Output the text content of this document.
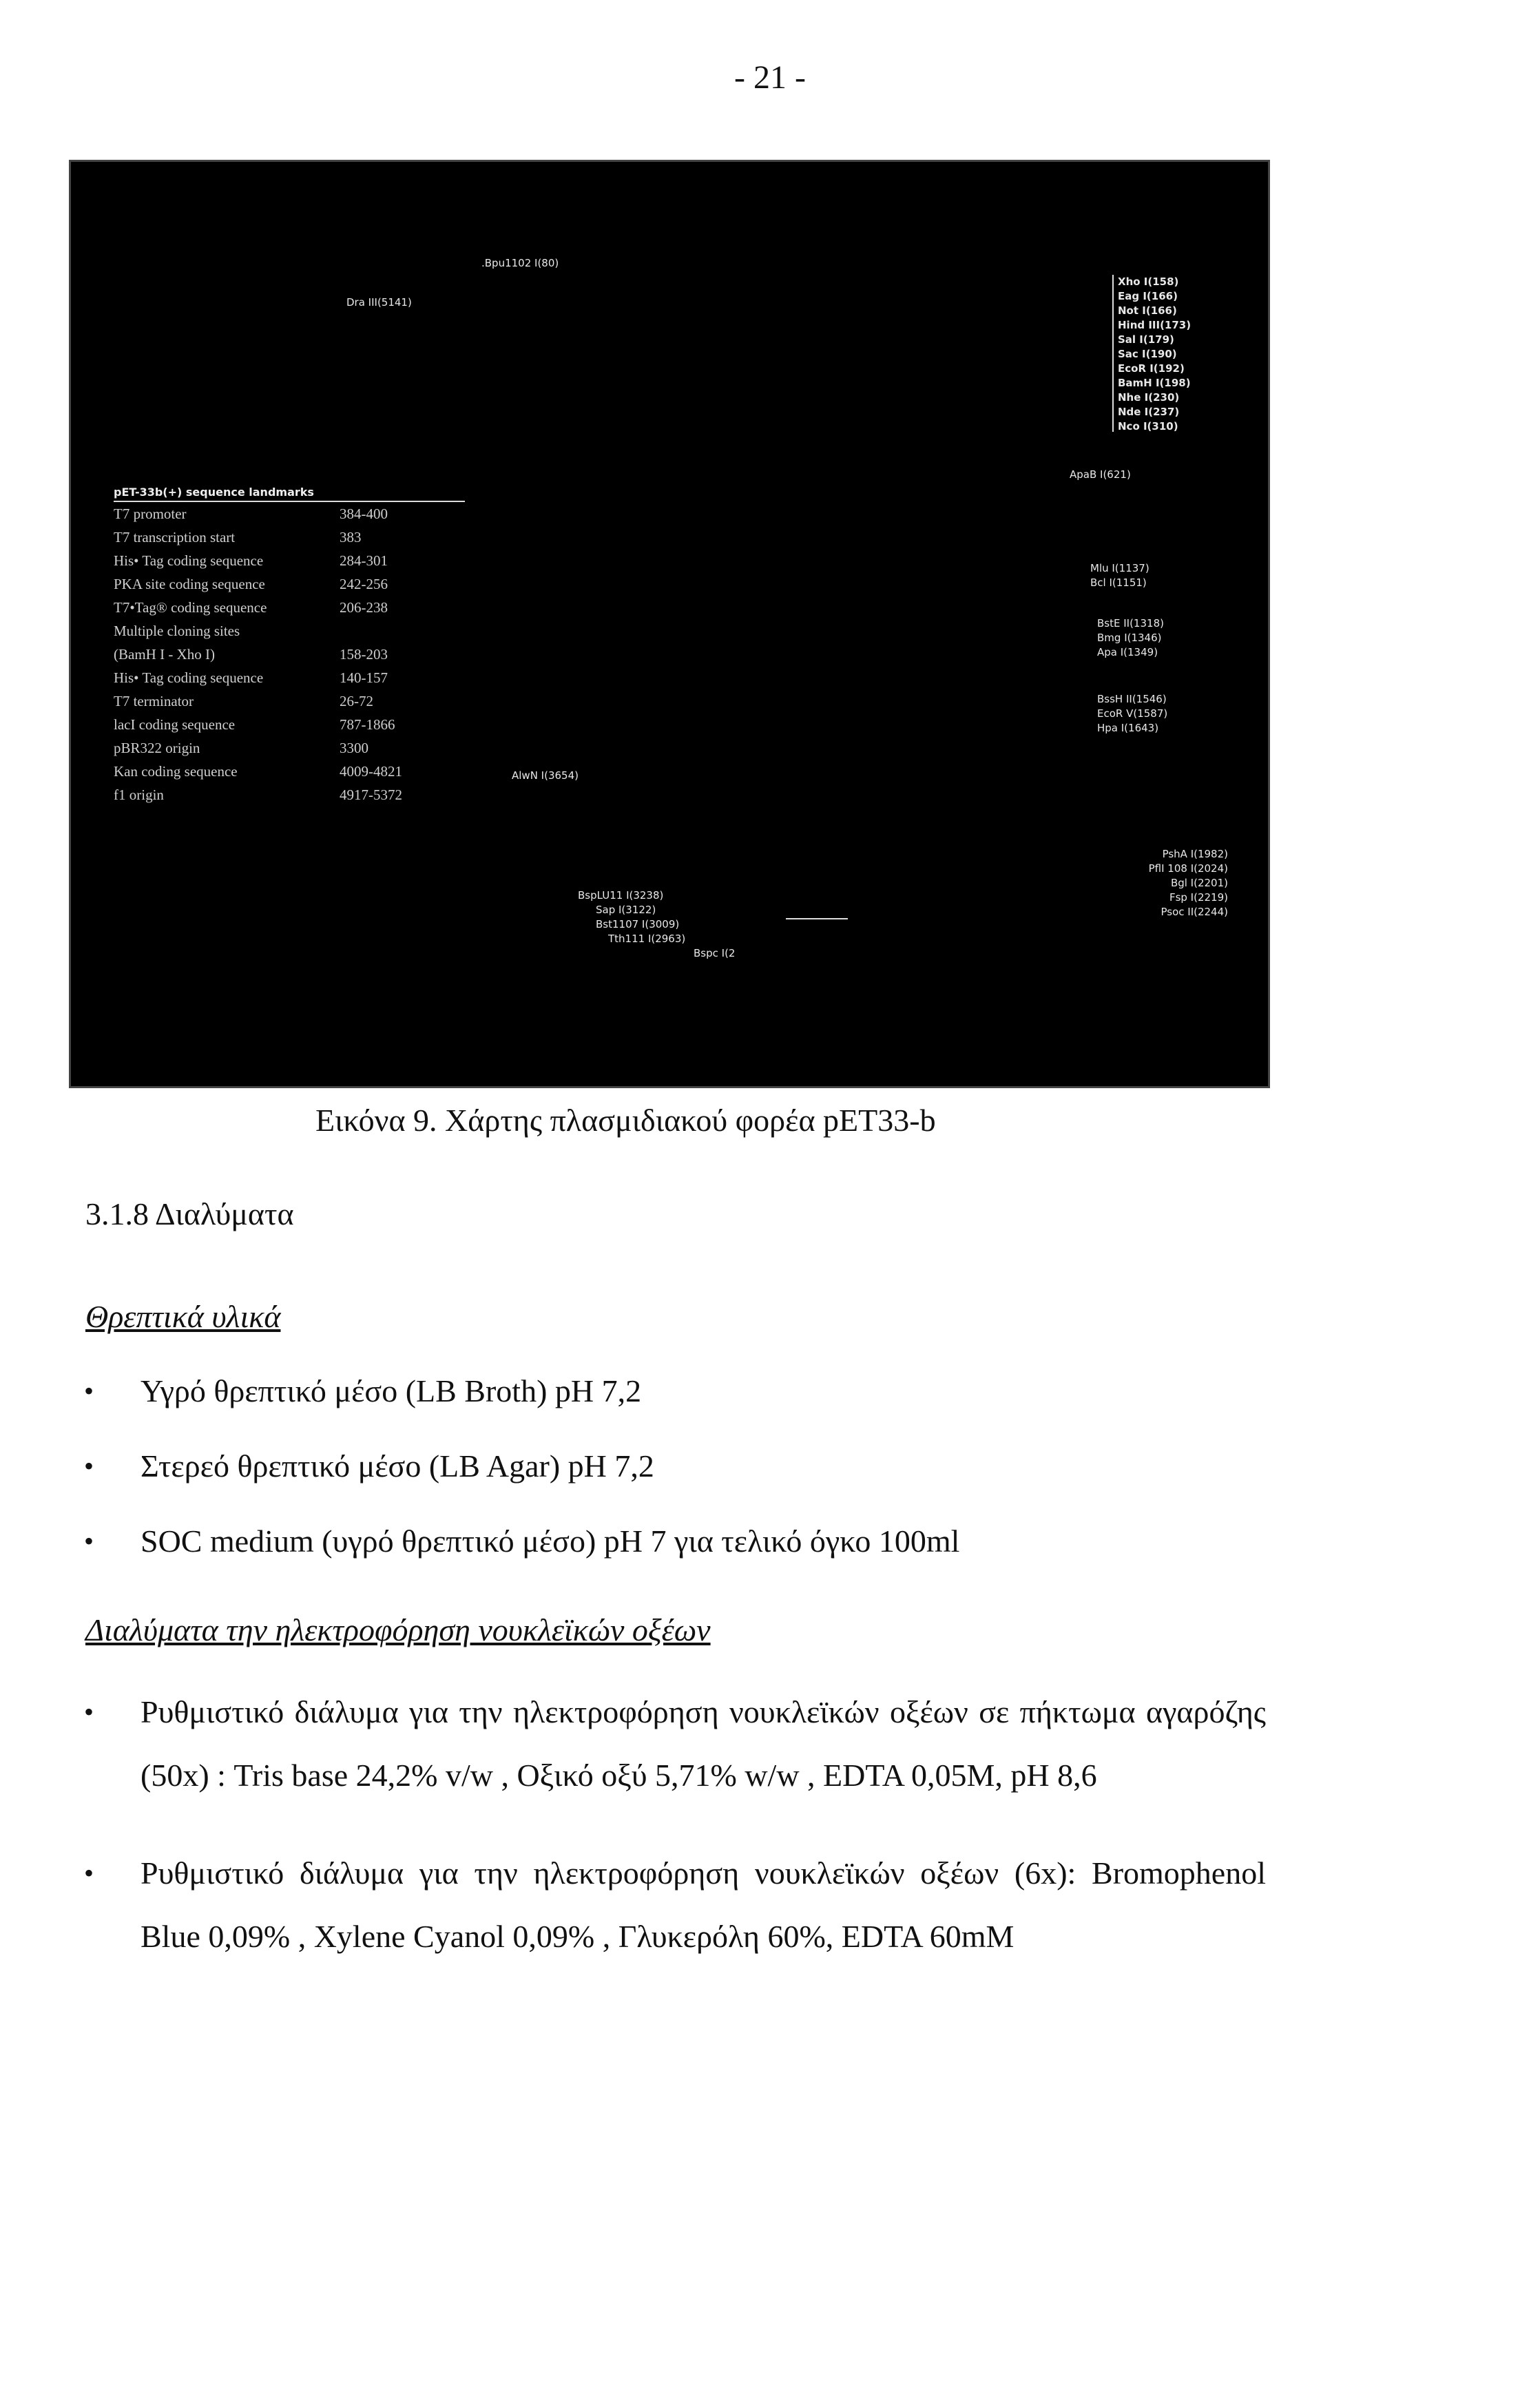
- 21 -
Dra III(5141)
.Bpu1102 I(80)
Xho I(158)
Eag I(166)
Not I(166)
Hind III(173)
Sal I(179)
Sac I(190)
EcoR I(192)
BamH I(198)
Nhe I(230)
Nde I(237)
Nco I(310)
ApaB I(621)
pET-33b(+) sequence landmarks
T7 promoter	384-400
T7 transcription start	383
His• Tag coding sequence	284-301
PKA site coding sequence	242-256
T7•Tag® coding sequence	206-238
Multiple cloning sites
(BamH I - Xho I)	158-203
His• Tag coding sequence	140-157
T7 terminator	26-72
lacI coding sequence	787-1866
pBR322 origin	3300
Kan coding sequence	4009-4821
f1 origin	4917-5372
Mlu I(1137)
Bcl I(1151)
BstE II(1318)
Bmg I(1346)
Apa I(1349)
BssH II(1546)
EcoR V(1587)
Hpa I(1643)
AlwN I(3654)
PshA I(1982)
PflI 108 I(2024)
Bgl I(2201)
Fsp I(2219)
Psoc II(2244)
BspLU11 I(3238)
Sap I(3122)
Bst1107 I(3009)
Tth111 I(2963)
Bspc I(2
Εικόνα 9. Χάρτης πλασμιδιακού φορέα pET33-b
3.1.8 Διαλύματα
Θρεπτικά υλικά
• Υγρό θρεπτικό μέσο (LB Broth) pH 7,2
• Στερεό θρεπτικό μέσο (LB Agar) pH 7,2
• SOC medium (υγρό θρεπτικό μέσο) pH 7 για τελικό όγκο 100ml
Διαλύματα την ηλεκτροφόρηση νουκλεϊκών οξέων
• Ρυθμιστικό διάλυμα για την ηλεκτροφόρηση νουκλεϊκών οξέων σε πήκτωμα αγαρόζης (50x) : Tris base 24,2% v/w , Οξικό οξύ 5,71% w/w , EDTA 0,05M, pH 8,6
• Ρυθμιστικό διάλυμα για την ηλεκτροφόρηση νουκλεϊκών οξέων (6x): Bromophenol Blue 0,09% , Xylene Cyanol 0,09% , Γλυκερόλη 60%, EDTA 60mM
